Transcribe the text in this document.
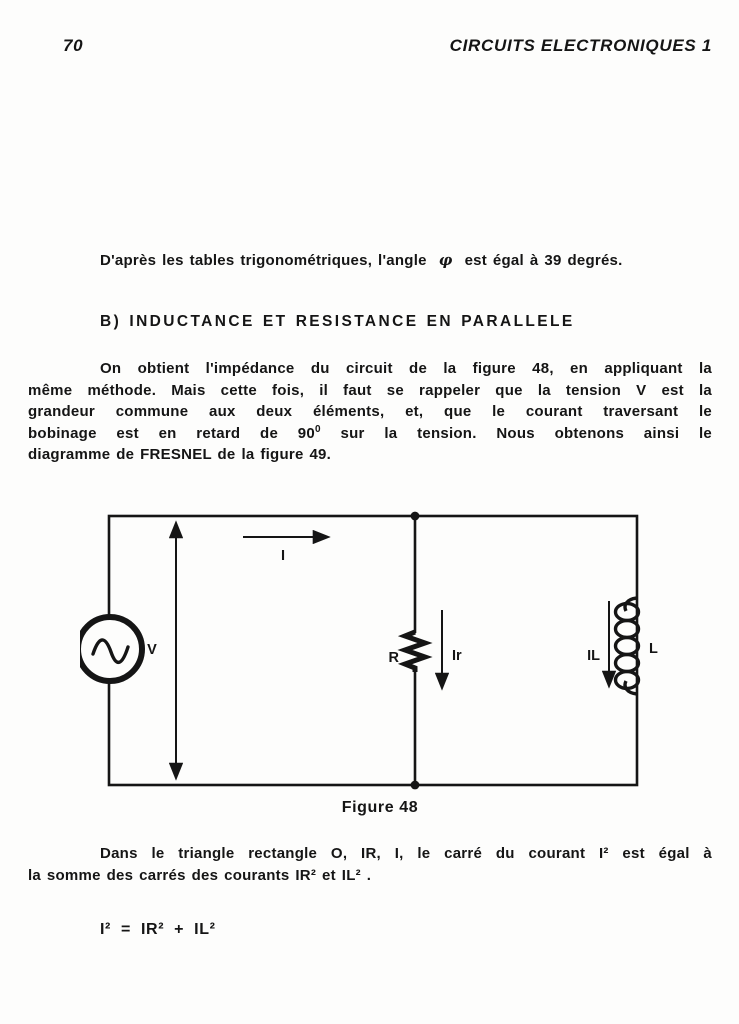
70	CIRCUITS ELECTRONIQUES 1
D'après les tables trigonométriques, l'angle φ est égal à 39 degrés.
B) INDUCTANCE ET RESISTANCE EN PARALLELE
On obtient l'impédance du circuit de la figure 48, en appliquant la
même méthode. Mais cette fois, il faut se rappeler que la tension V est la
grandeur commune aux deux éléments, et, que le courant traversant le
bobinage est en retard de $90^0$ sur la tension. Nous obtenons ainsi le
diagramme de FRESNEL de la figure 49.
V
I
R	Ir	L
IL
Figure 48
Dans le triangle rectangle O, IR, I, le carré du courant I² est égal à
la somme des carrés des courants IR² et IL² .
I² = IR² + IL²
